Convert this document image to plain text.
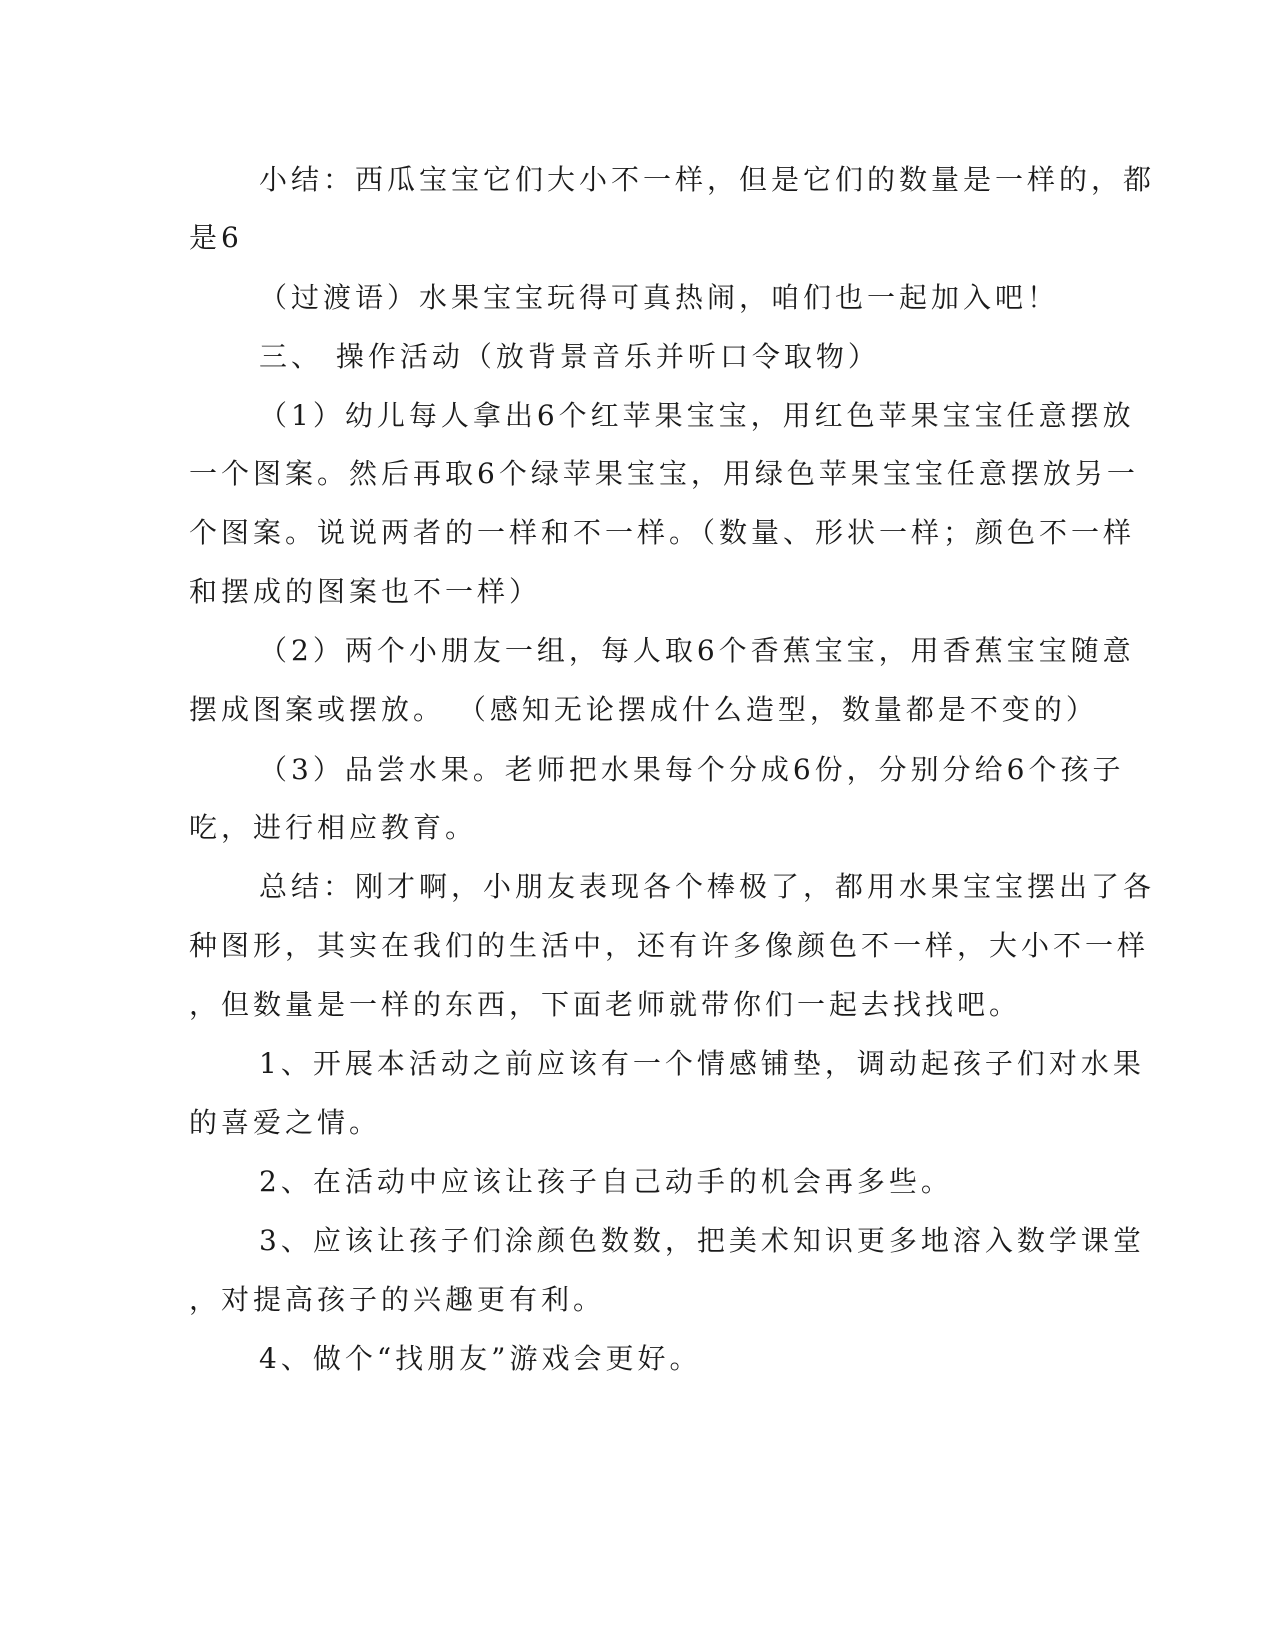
小结：西瓜宝宝它们大小不一样，但是它们的数量是一样的，都
是6
（过渡语）水果宝宝玩得可真热闹，咱们也一起加入吧！
三、 操作活动（放背景音乐并听口令取物）
（1）幼儿每人拿出6个红苹果宝宝，用红色苹果宝宝任意摆放
一个图案。然后再取6个绿苹果宝宝，用绿色苹果宝宝任意摆放另一
个图案。说说两者的一样和不一样。（数量、形状一样；颜色不一样
和摆成的图案也不一样）
（2）两个小朋友一组，每人取6个香蕉宝宝，用香蕉宝宝随意
摆成图案或摆放。 （感知无论摆成什么造型，数量都是不变的）
（3）品尝水果。老师把水果每个分成6份，分别分给6个孩子
吃，进行相应教育。
总结：刚才啊，小朋友表现各个棒极了，都用水果宝宝摆出了各
种图形，其实在我们的生活中，还有许多像颜色不一样，大小不一样
，但数量是一样的东西，下面老师就带你们一起去找找吧。
1、开展本活动之前应该有一个情感铺垫，调动起孩子们对水果
的喜爱之情。
2、在活动中应该让孩子自己动手的机会再多些。
3、应该让孩子们涂颜色数数，把美术知识更多地溶入数学课堂
，对提高孩子的兴趣更有利。
4、做个“找朋友”游戏会更好。
